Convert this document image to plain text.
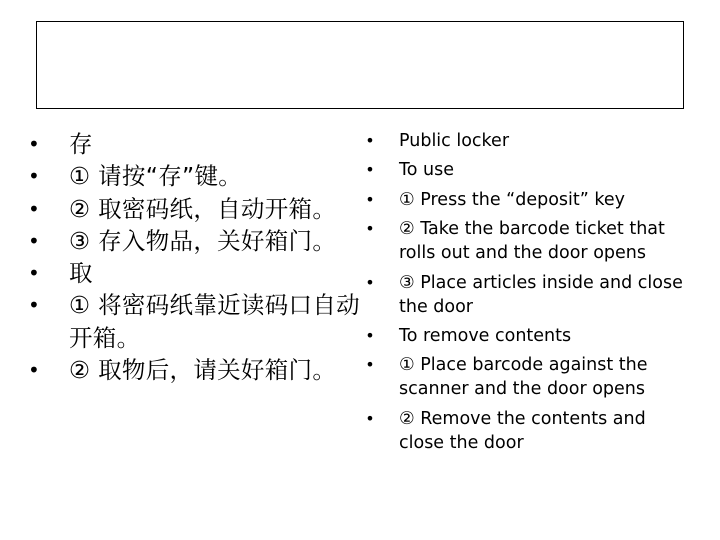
• 存
• ① 请按“存”键。
• ② 取密码纸，自动开箱。
• ③ 存入物品，关好箱门。
• 取
• ① 将密码纸靠近读码口自动开箱。
• ② 取物后，请关好箱门。
• Public locker
• To use
• ① Press the “deposit” key
• ② Take the barcode ticket that rolls out and the door opens
• ③ Place articles inside and close the door
• To remove contents
• ① Place barcode against the scanner and the door opens
• ② Remove the contents and close the door
